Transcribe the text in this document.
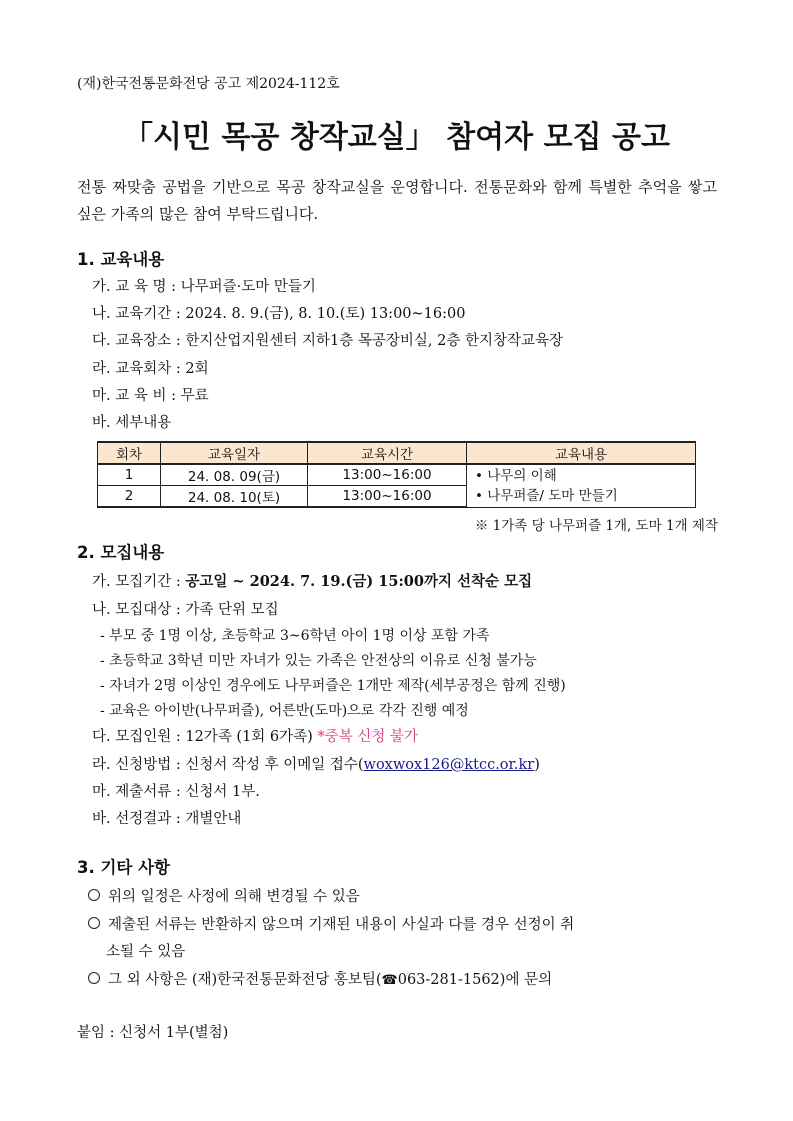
(재)한국전통문화전당 공고 제2024-112호
「시민 목공 창작교실」 참여자 모집 공고
전통 짜맞춤 공법을 기반으로 목공 창작교실을 운영합니다. 전통문화와 함께 특별한 추억을 쌓고 싶은 가족의 많은 참여 부탁드립니다.
1. 교육내용
가. 교 육 명 : 나무퍼즐·도마 만들기
나. 교육기간 : 2024. 8. 9.(금), 8. 10.(토) 13:00~16:00
다. 교육장소 : 한지산업지원센터 지하1층 목공장비실, 2층 한지창작교육장
라. 교육회차 : 2회
마. 교 육 비 : 무료
바. 세부내용
회차	교육일자	교육시간	교육내용
1	24. 08. 09(금)	13:00~16:00	• 나무의 이해
• 나무퍼즐/ 도마 만들기

2	24. 08. 10(토)	13:00~16:00	
※ 1가족 당 나무퍼즐 1개, 도마 1개 제작
2. 모집내용
가. 모집기간 : 공고일 ~ 2024. 7. 19.(금) 15:00까지 선착순 모집
나. 모집대상 : 가족 단위 모집
- 부모 중 1명 이상, 초등학교 3~6학년 아이 1명 이상 포함 가족
- 초등학교 3학년 미만 자녀가 있는 가족은 안전상의 이유로 신청 불가능
- 자녀가 2명 이상인 경우에도 나무퍼즐은 1개만 제작(세부공정은 함께 진행)
- 교육은 아이반(나무퍼즐), 어른반(도마)으로 각각 진행 예정
다. 모집인원 : 12가족 (1회 6가족) *중복 신청 불가
라. 신청방법 : 신청서 작성 후 이메일 접수(woxwox126@ktcc.or.kr)
마. 제출서류 : 신청서 1부.
바. 선정결과 : 개별안내
3. 기타 사항
위의 일정은 사정에 의해 변경될 수 있음
제출된 서류는 반환하지 않으며 기재된 내용이 사실과 다를 경우 선정이 취
소될 수 있음
그 외 사항은 (재)한국전통문화전당 홍보팀(☎063-281-1562)에 문의
붙임 : 신청서 1부(별첨)
